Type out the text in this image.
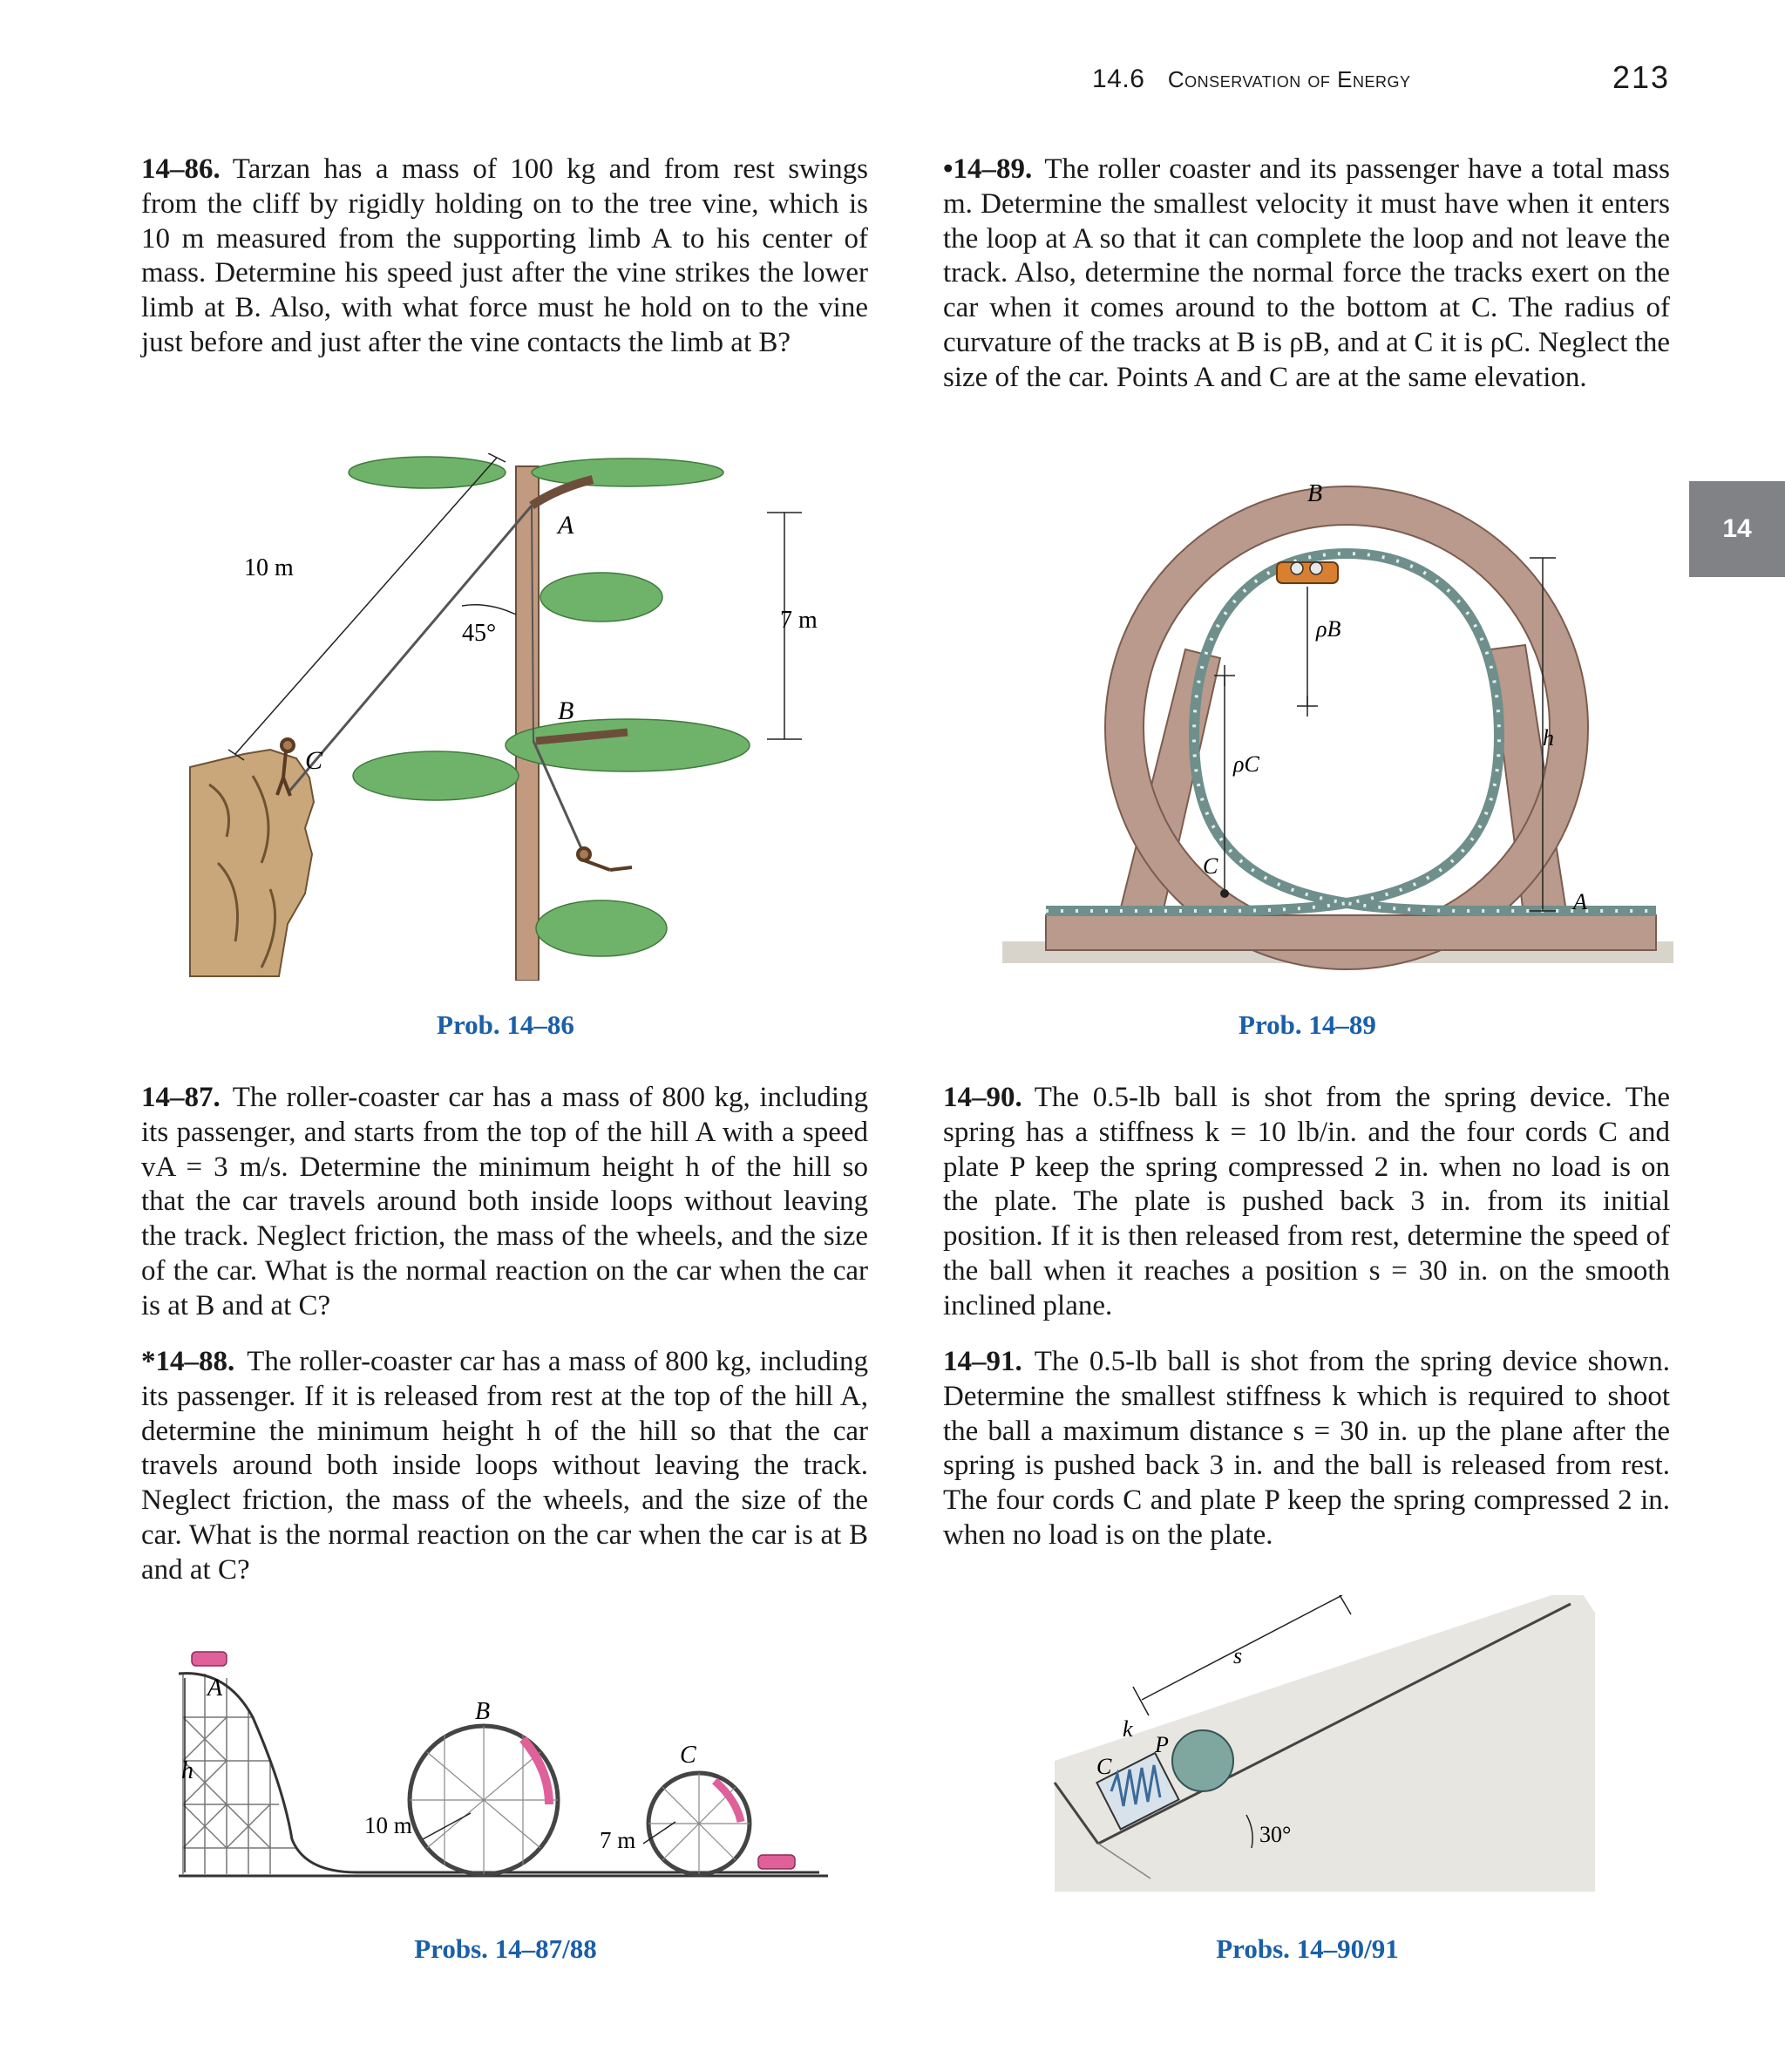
14.6 Conservation of Energy	213
14
14–86. Tarzan has a mass of 100 kg and from rest swings from the cliff by rigidly holding on to the tree vine, which is 10 m measured from the supporting limb A to his center of mass. Determine his speed just after the vine strikes the lower limb at B. Also, with what force must he hold on to the vine just before and just after the vine contacts the limb at B?
•14–89. The roller coaster and its passenger have a total mass m. Determine the smallest velocity it must have when it enters the loop at A so that it can complete the loop and not leave the track. Also, determine the normal force the tracks exert on the car when it comes around to the bottom at C. The radius of curvature of the tracks at B is ρB, and at C it is ρC. Neglect the size of the car. Points A and C are at the same elevation.
14–87. The roller-coaster car has a mass of 800 kg, including its passenger, and starts from the top of the hill A with a speed vA = 3 m/s. Determine the minimum height h of the hill so that the car travels around both inside loops without leaving the track. Neglect friction, the mass of the wheels, and the size of the car. What is the normal reaction on the car when the car is at B and at C?
*14–88. The roller-coaster car has a mass of 800 kg, including its passenger. If it is released from rest at the top of the hill A, determine the minimum height h of the hill so that the car travels around both inside loops without leaving the track. Neglect friction, the mass of the wheels, and the size of the car. What is the normal reaction on the car when the car is at B and at C?
14–90. The 0.5-lb ball is shot from the spring device. The spring has a stiffness k = 10 lb/in. and the four cords C and plate P keep the spring compressed 2 in. when no load is on the plate. The plate is pushed back 3 in. from its initial position. If it is then released from rest, determine the speed of the ball when it reaches a position s = 30 in. on the smooth inclined plane.
14–91. The 0.5-lb ball is shot from the spring device shown. Determine the smallest stiffness k which is required to shoot the ball a maximum distance s = 30 in. up the plane after the spring is pushed back 3 in. and the ball is released from rest. The four cords C and plate P keep the spring compressed 2 in. when no load is on the plate.
10 m
45°	7 m
A
B
C
Prob. 14–86
B
ρB
ρC
C
h
A
Prob. 14–89
A
B
C
h
10 m
7 m
Probs. 14–87/88
s
k
P
C
30°
Probs. 14–90/91
